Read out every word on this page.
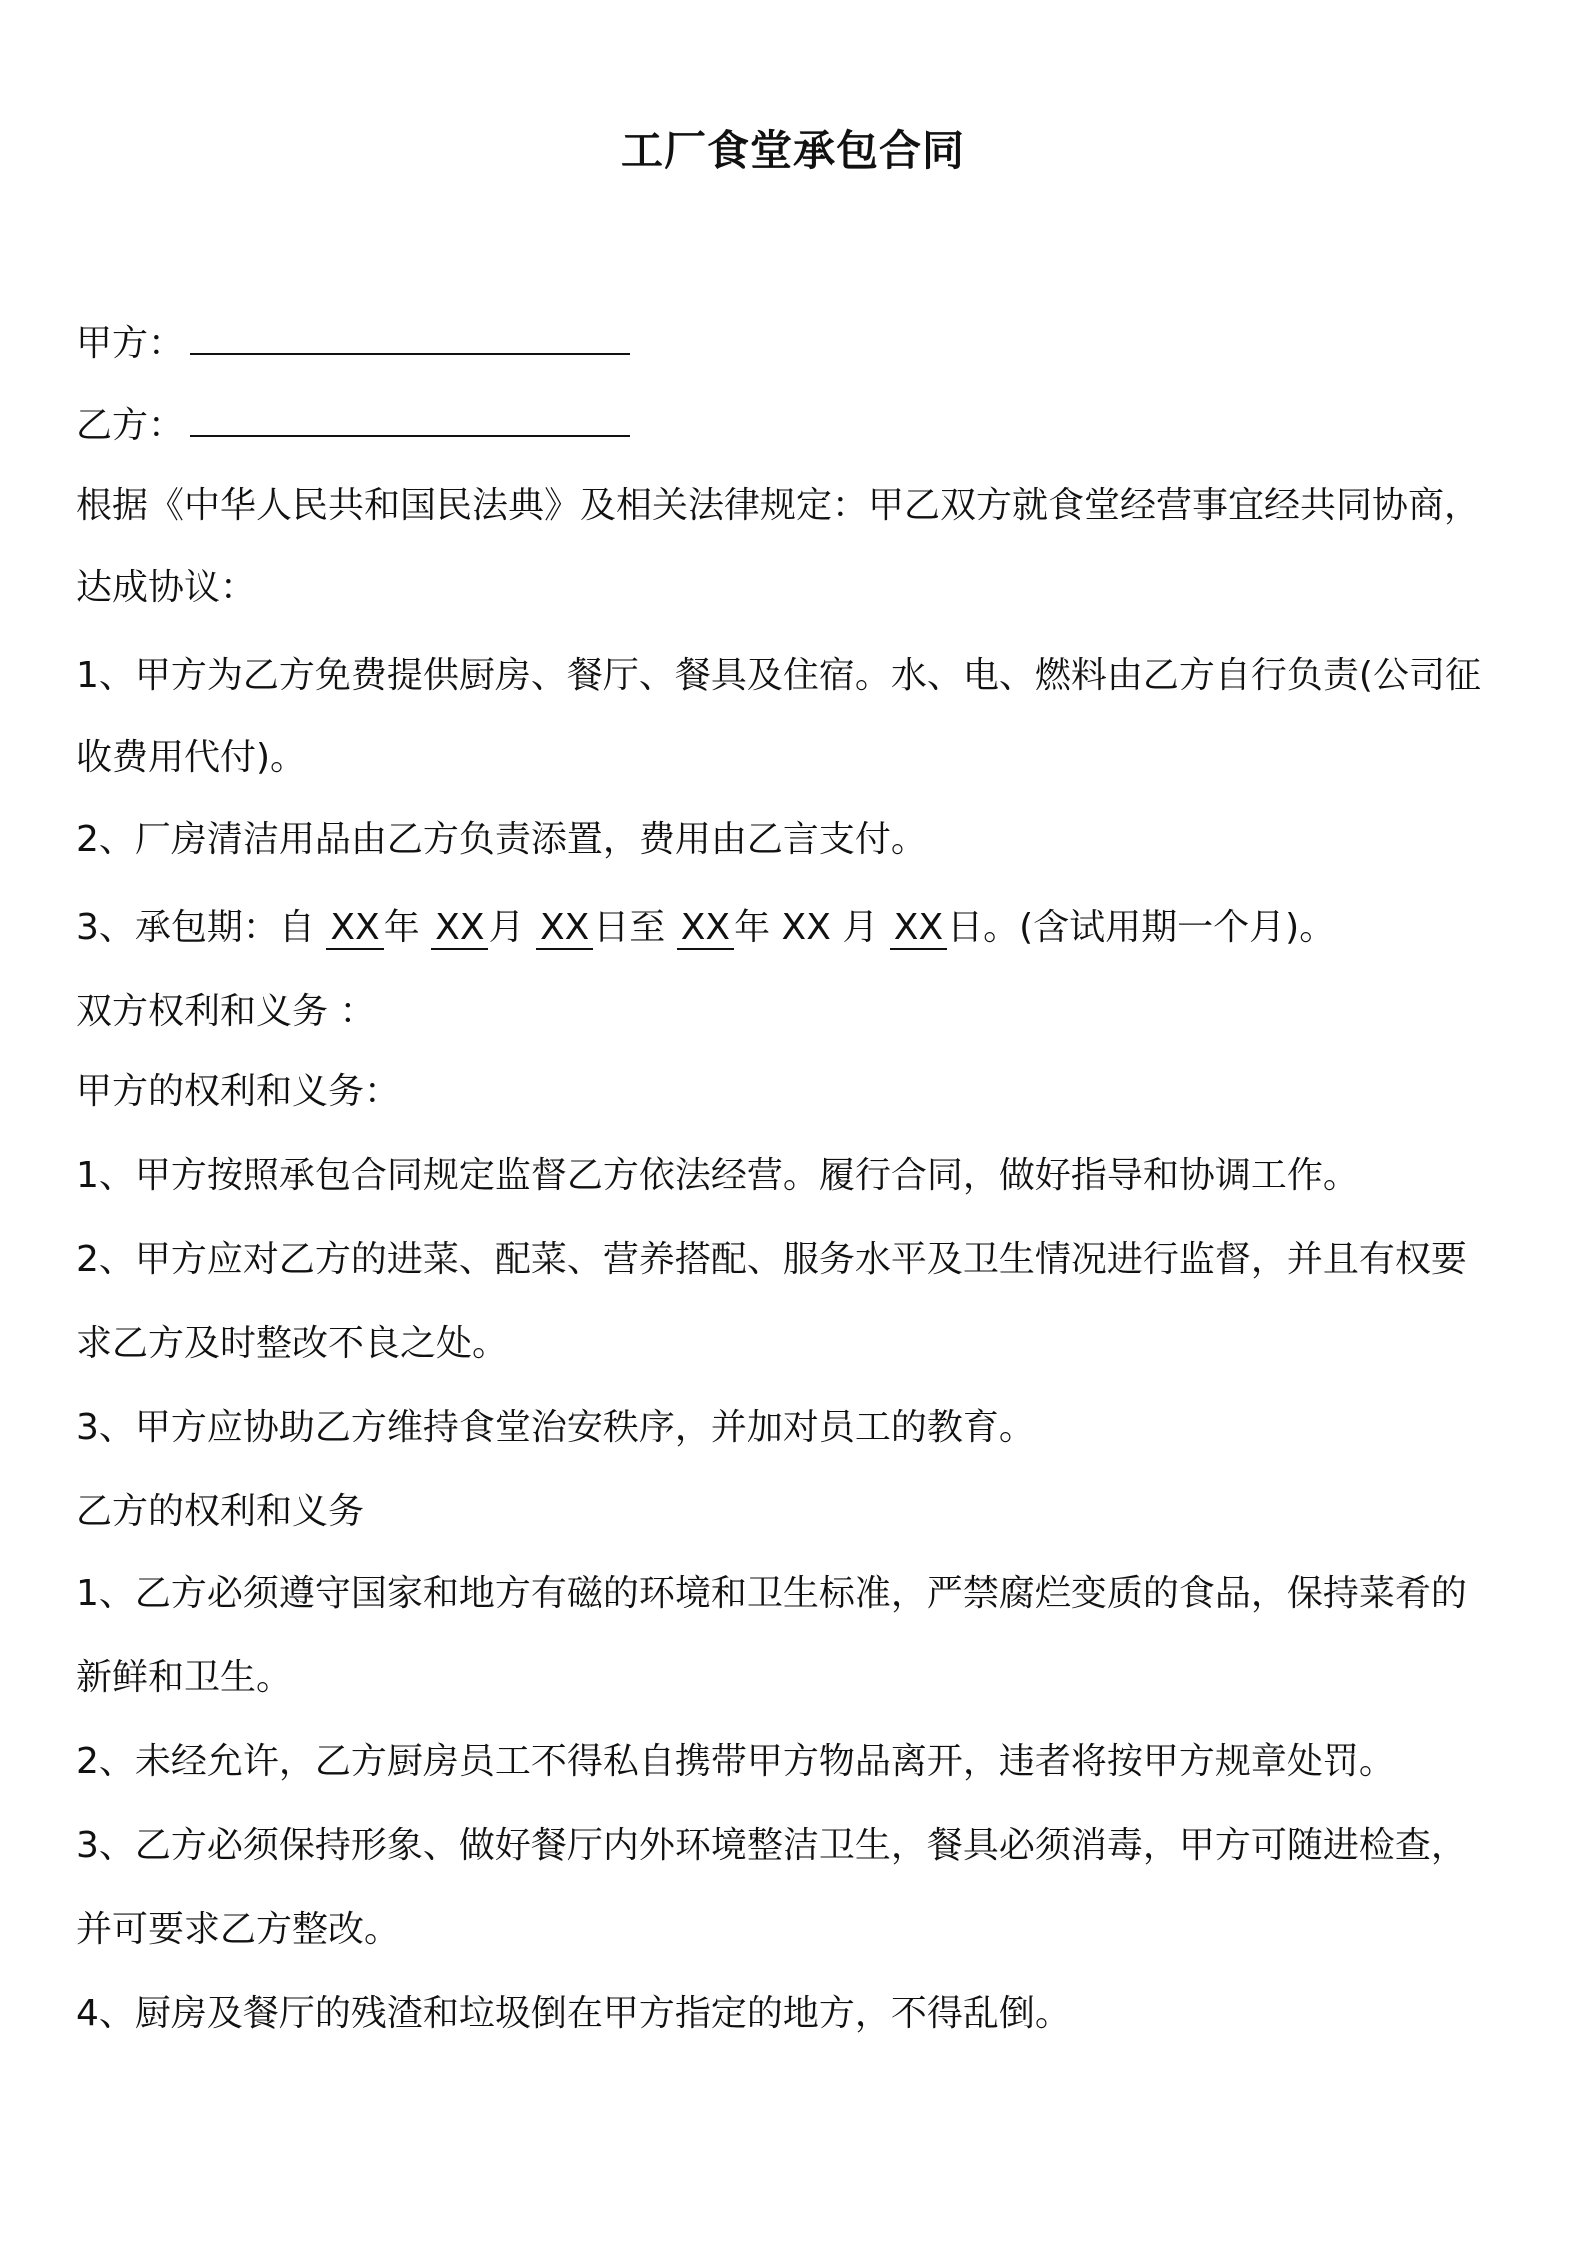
工厂食堂承包合同
甲方：
乙方：
根据《中华人民共和国民法典》及相关法律规定：甲乙双方就食堂经营事宜经共同协商，
达成协议：
1、甲方为乙方免费提供厨房、餐厅、餐具及住宿。水、电、燃料由乙方自行负责(公司征
收费用代付)。
2、厂房清洁用品由乙方负责添置，费用由乙言支付。
3、承包期：自 XX 年 XX 月 XX 日至 XX 年 XX 月 XX 日。(含试用期一个月)。
双方权利和义务 ：
甲方的权利和义务：
1、甲方按照承包合同规定监督乙方依法经营。履行合同，做好指导和协调工作。
2、甲方应对乙方的进菜、配菜、营养搭配、服务水平及卫生情况进行监督，并且有权要
求乙方及时整改不良之处。
3、甲方应协助乙方维持食堂治安秩序，并加对员工的教育。
乙方的权利和义务
1、乙方必须遵守国家和地方有磁的环境和卫生标准，严禁腐烂变质的食品，保持菜肴的
新鲜和卫生。
2、未经允许，乙方厨房员工不得私自携带甲方物品离开，违者将按甲方规章处罚。
3、乙方必须保持形象、做好餐厅内外环境整洁卫生，餐具必须消毒，甲方可随进检查，
并可要求乙方整改。
4、厨房及餐厅的残渣和垃圾倒在甲方指定的地方，不得乱倒。
